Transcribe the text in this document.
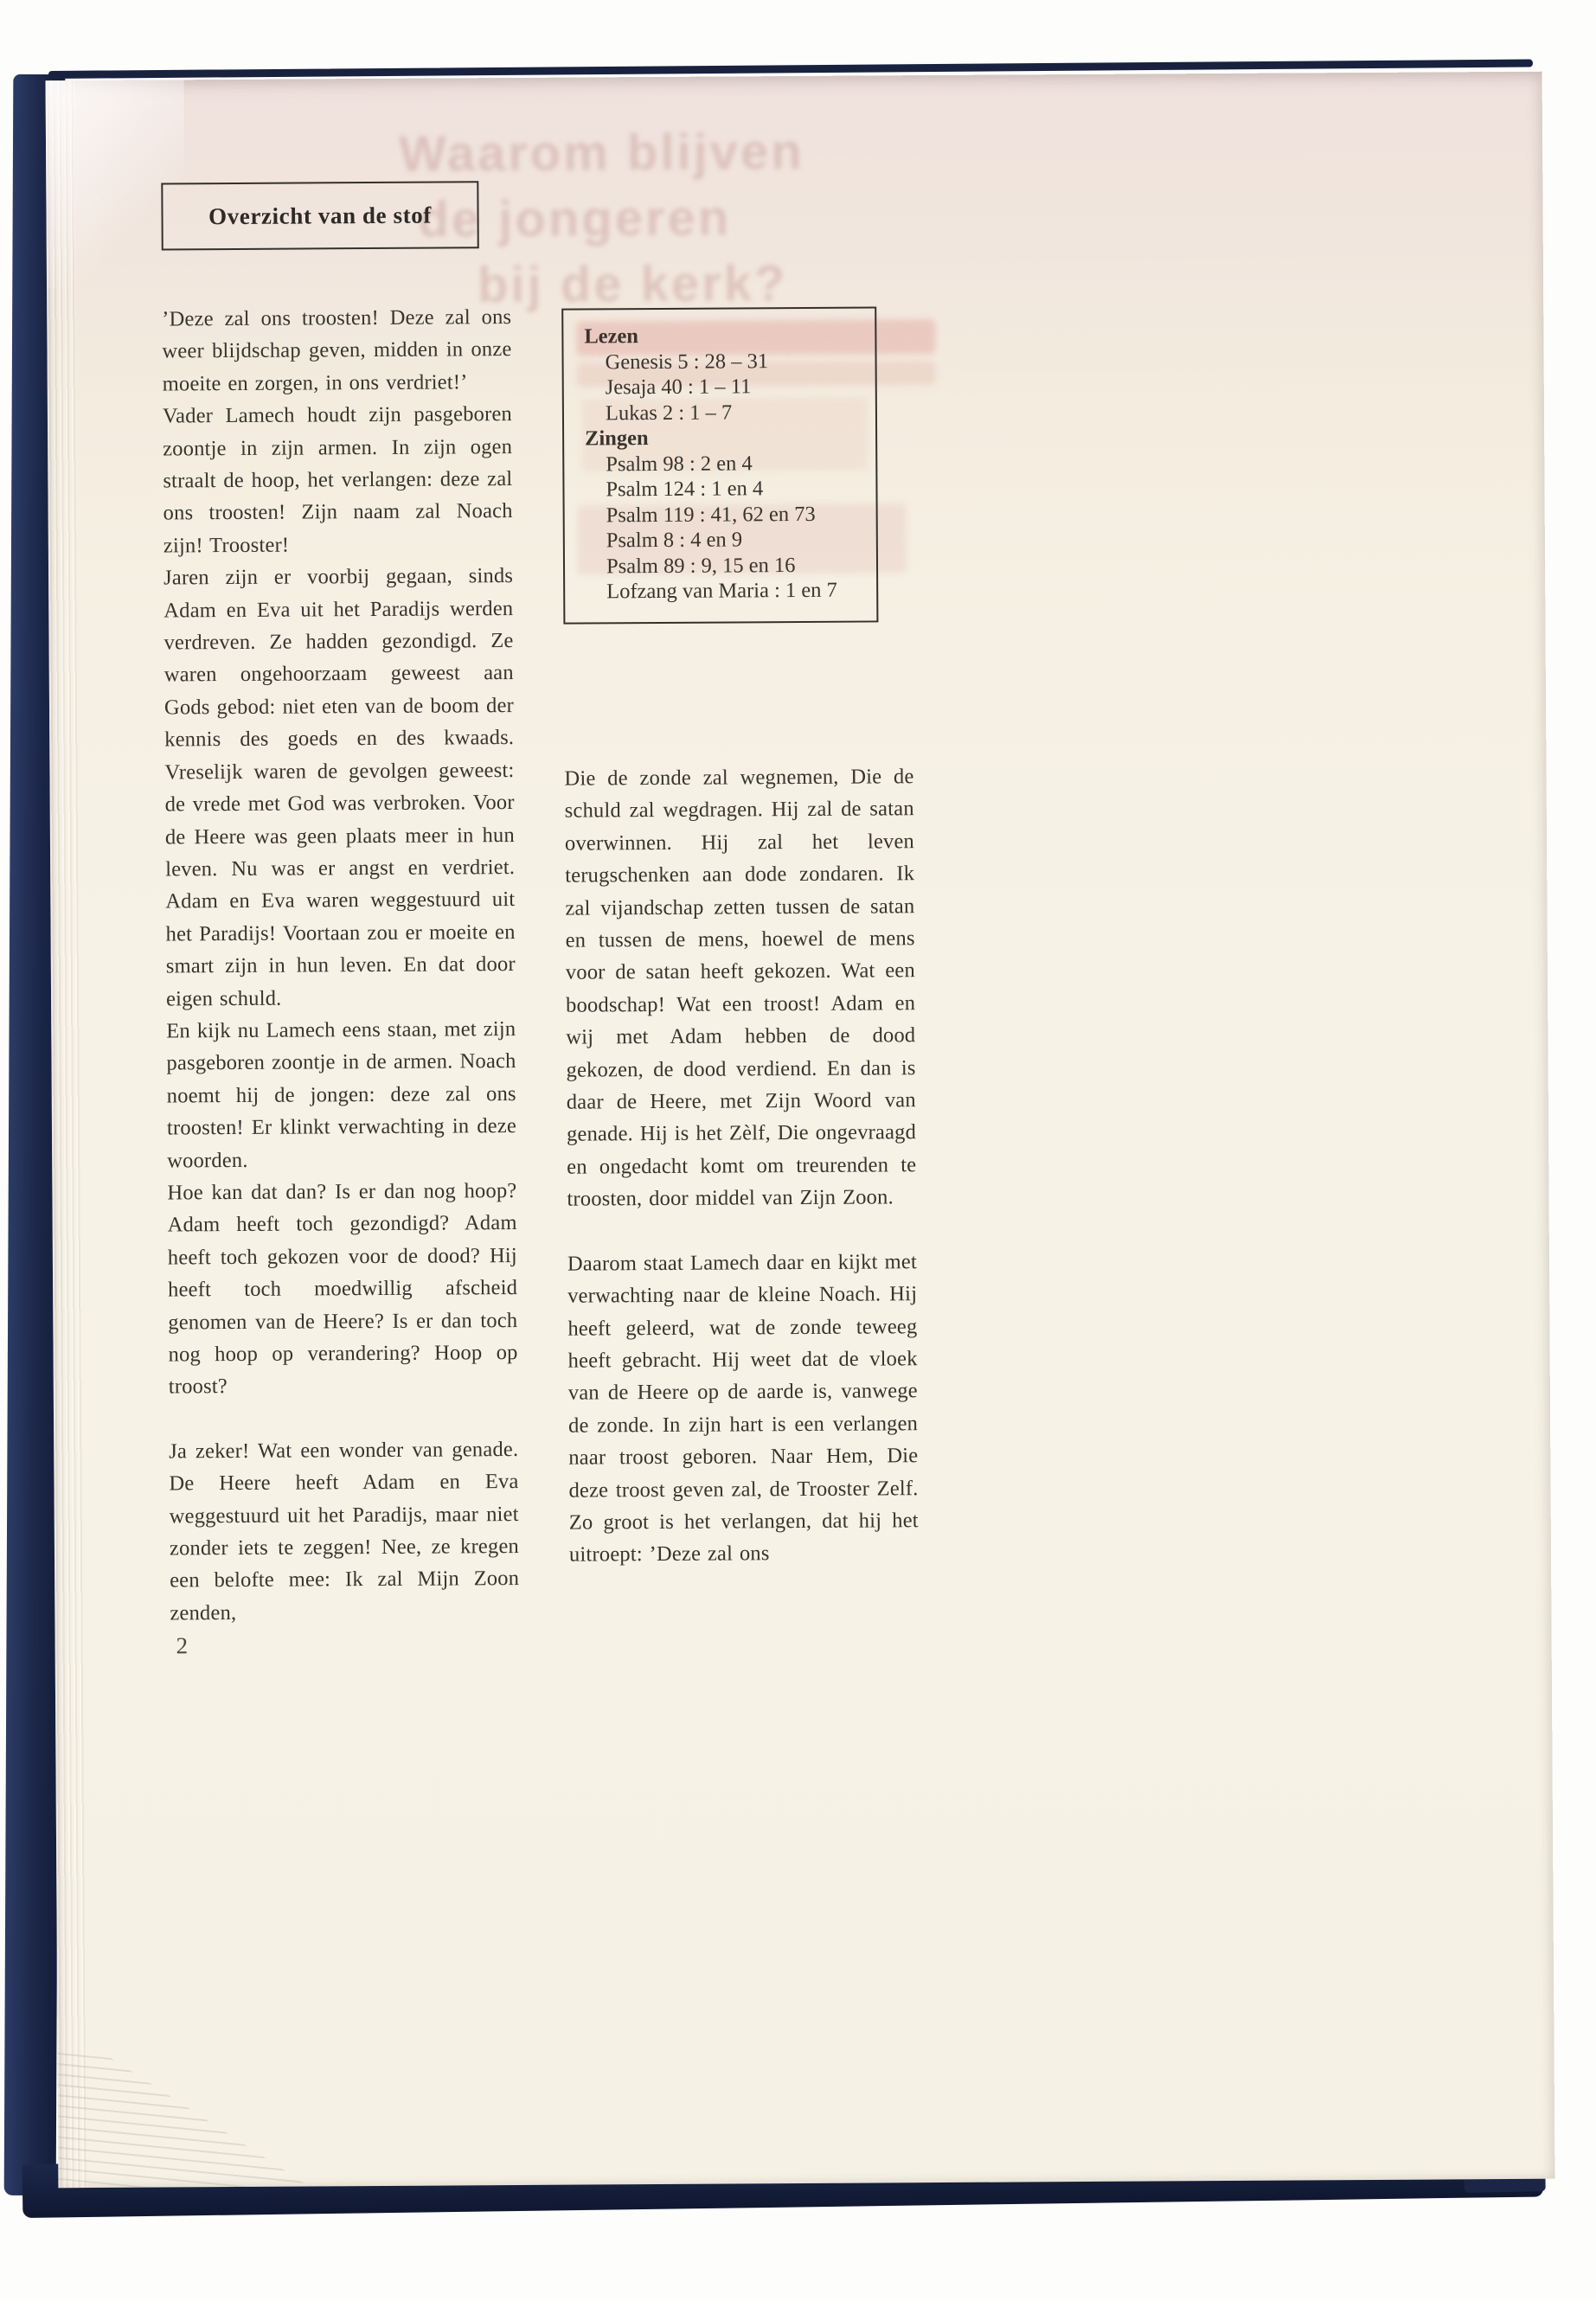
Waarom blijven
de jongeren
bij de kerk?
Overzicht van de stof

’Deze zal ons troosten! Deze zal ons weer blijdschap geven, midden in onze moeite en zorgen, in ons verdriet!’

Vader Lamech houdt zijn pasgeboren zoontje in zijn armen. In zijn ogen straalt de hoop, het verlangen: deze zal ons troosten! Zijn naam zal Noach zijn! Trooster!

Jaren zijn er voorbij gegaan, sinds Adam en Eva uit het Paradijs werden verdreven. Ze hadden gezondigd. Ze waren ongehoorzaam geweest aan Gods gebod: niet eten van de boom der kennis des goeds en des kwaads. Vreselijk waren de gevolgen geweest: de vrede met God was verbroken. Voor de Heere was geen plaats meer in hun leven. Nu was er angst en verdriet. Adam en Eva waren weggestuurd uit het Paradijs! Voortaan zou er moeite en smart zijn in hun leven. En dat door eigen schuld.

En kijk nu Lamech eens staan, met zijn pasgeboren zoontje in de armen. Noach noemt hij de jongen: deze zal ons troosten! Er klinkt verwachting in deze woorden.

Hoe kan dat dan? Is er dan nog hoop? Adam heeft toch gezondigd? Adam heeft toch gekozen voor de dood? Hij heeft toch moedwillig afscheid genomen van de Heere? Is er dan toch nog hoop op verandering? Hoop op troost?

Ja zeker! Wat een wonder van genade. De Heere heeft Adam en Eva weggestuurd uit het Paradijs, maar niet zonder iets te zeggen! Nee, ze kregen een belofte mee: Ik zal Mijn Zoon zenden,

Lezen
Genesis 5 : 28 – 31
Jesaja 40 : 1 – 11
Lukas 2 : 1 – 7
Zingen
Psalm 98 : 2 en 4
Psalm 124 : 1 en 4
Psalm 119 : 41, 62 en 73
Psalm 8 : 4 en 9
Psalm 89 : 9, 15 en 16
Lofzang van Maria : 1 en 7

Die de zonde zal wegnemen, Die de schuld zal wegdragen. Hij zal de satan overwinnen. Hij zal het leven terugschenken aan dode zondaren. Ik zal vijandschap zetten tussen de satan en tussen de mens, hoewel de mens voor de satan heeft gekozen. Wat een boodschap! Wat een troost! Adam en wij met Adam hebben de dood gekozen, de dood verdiend. En dan is daar de Heere, met Zijn Woord van genade. Hij is het Zèlf, Die ongevraagd en ongedacht komt om treurenden te troosten, door middel van Zijn Zoon.

Daarom staat Lamech daar en kijkt met verwachting naar de kleine Noach. Hij heeft geleerd, wat de zonde teweeg heeft gebracht. Hij weet dat de vloek van de Heere op de aarde is, vanwege de zonde. In zijn hart is een verlangen naar troost geboren. Naar Hem, Die deze troost geven zal, de Trooster Zelf. Zo groot is het verlangen, dat hij het uitroept: ’Deze zal ons

2
